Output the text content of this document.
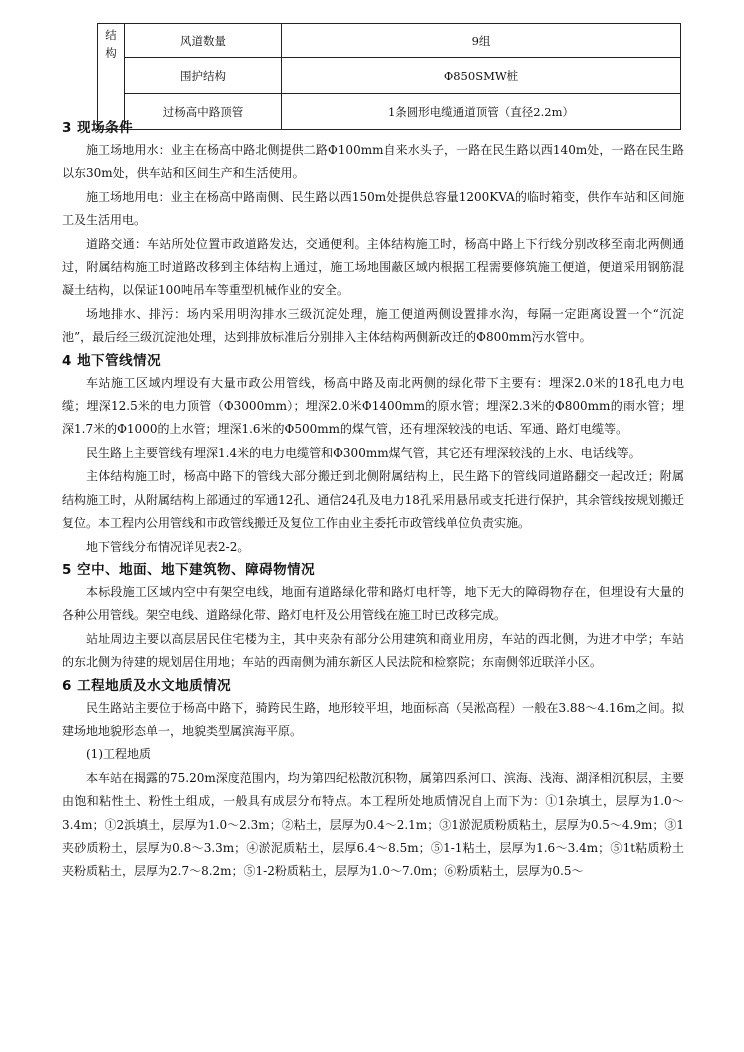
结构	风道数量	9组
	围护结构	Φ850SMW桩
	过杨高中路顶管	1条圆形电缆通道顶管（直径2.2m）
3 现场条件

施工场地用水：业主在杨高中路北侧提供二路Φ100mm自来水头子，一路在民生路以西140m处，一路在民生路以东30m处，供车站和区间生产和生活使用。

施工场地用电：业主在杨高中路南侧、民生路以西150m处提供总容量1200KVA的临时箱变，供作车站和区间施工及生活用电。

道路交通：车站所处位置市政道路发达，交通便利。主体结构施工时，杨高中路上下行线分别改移至南北两侧通过，附属结构施工时道路改移到主体结构上通过，施工场地围蔽区域内根据工程需要修筑施工便道，便道采用钢筋混凝土结构，以保证100吨吊车等重型机械作业的安全。

场地排水、排污：场内采用明沟排水三级沉淀处理，施工便道两侧设置排水沟，每隔一定距离设置一个“沉淀池”，最后经三级沉淀池处理，达到排放标准后分别排入主体结构两侧新改迁的Φ800mm污水管中。

4 地下管线情况

车站施工区域内埋设有大量市政公用管线，杨高中路及南北两侧的绿化带下主要有：埋深2.0米的18孔电力电缆；埋深12.5米的电力顶管（Φ3000mm）；埋深2.0米Φ1400mm的原水管；埋深2.3米的Φ800mm的雨水管；埋深1.7米的Φ1000的上水管；埋深1.6米的Φ500mm的煤气管，还有埋深较浅的电话、军通、路灯电缆等。

民生路上主要管线有埋深1.4米的电力电缆管和Φ300mm煤气管，其它还有埋深较浅的上水、电话线等。

主体结构施工时，杨高中路下的管线大部分搬迁到北侧附属结构上，民生路下的管线同道路翻交一起改迁；附属结构施工时，从附属结构上部通过的军通12孔、通信24孔及电力18孔采用悬吊或支托进行保护，其余管线按规划搬迁复位。本工程内公用管线和市政管线搬迁及复位工作由业主委托市政管线单位负责实施。

地下管线分布情况详见表2-2。

5 空中、地面、地下建筑物、障碍物情况

本标段施工区域内空中有架空电线，地面有道路绿化带和路灯电杆等，地下无大的障碍物存在，但埋设有大量的各种公用管线。架空电线、道路绿化带、路灯电杆及公用管线在施工时已改移完成。

站址周边主要以高层居民住宅楼为主，其中夹杂有部分公用建筑和商业用房，车站的西北侧，为进才中学；车站的东北侧为待建的规划居住用地；车站的西南侧为浦东新区人民法院和检察院；东南侧邻近联洋小区。

6 工程地质及水文地质情况

民生路站主要位于杨高中路下，骑跨民生路，地形较平坦，地面标高（吴淞高程）一般在3.88～4.16m之间。拟建场地地貌形态单一，地貌类型属滨海平原。

(1)工程地质

本车站在揭露的75.20m深度范围内，均为第四纪松散沉积物，属第四系河口、滨海、浅海、湖泽相沉积层，主要由饱和粘性土、粉性土组成，一般具有成层分布特点。本工程所处地质情况自上而下为：①1杂填土，层厚为1.0～3.4m；①2浜填土，层厚为1.0～2.3m；②粘土，层厚为0.4～2.1m；③1淤泥质粉质粘土，层厚为0.5～4.9m；③1夹砂质粉土，层厚为0.8～3.3m；④淤泥质粘土，层厚6.4～8.5m；⑤1-1粘土，层厚为1.6～3.4m；⑤1t粘质粉土夹粉质粘土，层厚为2.7～8.2m；⑤1-2粉质粘土，层厚为1.0～7.0m；⑥粉质粘土，层厚为0.5～
